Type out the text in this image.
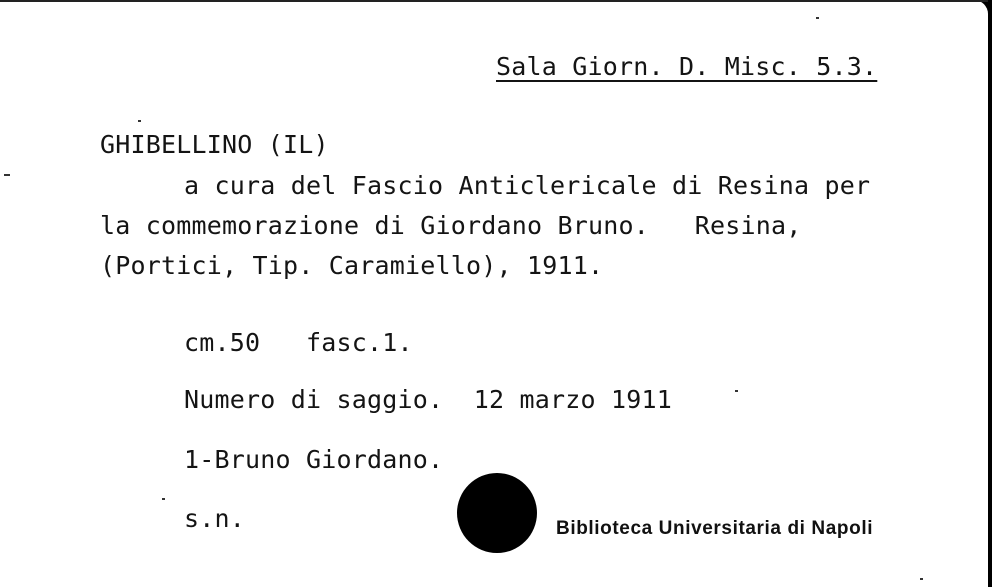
Sala Giorn. D. Misc. 5.3.
GHIBELLINO (IL)
a cura del Fascio Anticlericale di Resina per
la commemorazione di Giordano Bruno.   Resina,
(Portici, Tip. Caramiello), 1911.
cm.50   fasc.1.
Numero di saggio.  12 marzo 1911
1-Bruno Giordano.
s.n.	Biblioteca Universitaria di Napoli
